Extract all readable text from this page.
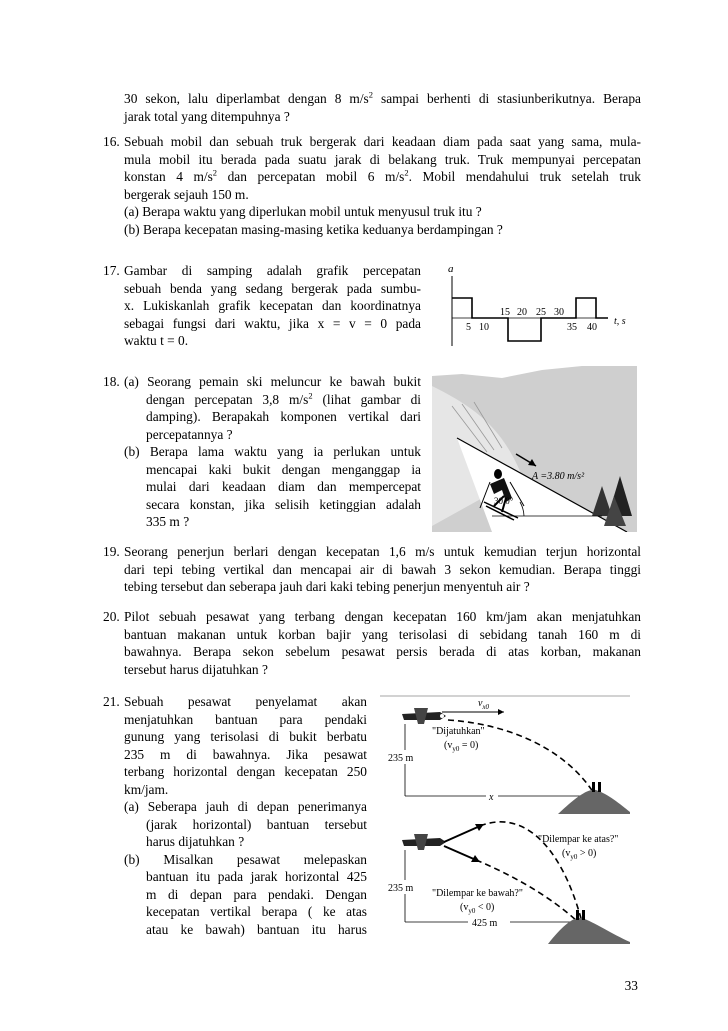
30 sekon, lalu diperlambat dengan 8 $m/s^2$ sampai berhenti di stasiunberikutnya. Berapa
jarak total yang ditempuhnya ?
16. Sebuah mobil dan sebuah truk bergerak dari keadaan diam pada saat yang sama, mula-
mula mobil itu berada pada suatu jarak di belakang truk. Truk mempunyai percepatan
konstan 4 $m/s^2$ dan percepatan mobil 6 $m/s^2$. Mobil mendahului truk setelah truk
bergerak sejauh 150 m.
(a) Berapa waktu yang diperlukan mobil untuk menyusul truk itu ?
(b) Berapa kecepatan masing-masing ketika keduanya berdampingan ?
17. Gambar di samping adalah grafik percepatan
sebuah benda yang sedang bergerak pada sumbu-
x. Lukiskanlah grafik kecepatan dan koordinatnya
sebagai fungsi dari waktu, jika x = v = 0 pada
waktu t = 0.
a
15 20 25 30
5 10	35 40
t, s
18. (a) Seorang pemain ski meluncur ke bawah bukit
dengan percepatan 3,8 $m/s^2$ (lihat gambar di
damping). Berapakah komponen vertikal dari
percepatannya ?
(b) Berapa lama waktu yang ia perlukan untuk
mencapai kaki bukit dengan menganggap ia
mulai dari keadaan diam dan mempercepat
secara konstan, jika selisih ketinggian adalah
335 m ?
A =3.80 m/s²
30.0°
19. Seorang penerjun berlari dengan kecepatan 1,6 m/s untuk kemudian terjun horizontal
dari tepi tebing vertikal dan mencapai air di bawah 3 sekon kemudian. Berapa tinggi
tebing tersebut dan seberapa jauh dari kaki tebing penerjun menyentuh air ?
20. Pilot sebuah pesawat yang terbang dengan kecepatan 160 km/jam akan menjatuhkan
bantuan makanan untuk korban bajir yang terisolasi di sebidang tanah 160 m di
bawahnya. Berapa sekon sebelum pesawat persis berada di atas korban, makanan
tersebut harus dijatuhkan ?
21. Sebuah pesawat penyelamat akan
menjatuhkan bantuan para pendaki
gunung yang terisolasi di bukit berbatu
235 m di bawahnya. Jika pesawat
terbang horizontal dengan kecepatan 250
km/jam.
(a) Seberapa jauh di depan penerimanya
(jarak horizontal) bantuan tersebut
harus dijatuhkan ?
(b) Misalkan pesawat melepaskan
bantuan itu pada jarak horizontal 425
m di depan para pendaki. Dengan
kecepatan vertikal berapa ( ke atas
atau ke bawah) bantuan itu harus
$v_{x0}$
"Dijatuhkan"
$(v_{y0} = 0)$
235 m
x
"Dilempar ke atas?"
$(v_{y0} > 0)$
235 m "Dilempar ke bawah?"
$(v_{y0} < 0)$
425 m
33
